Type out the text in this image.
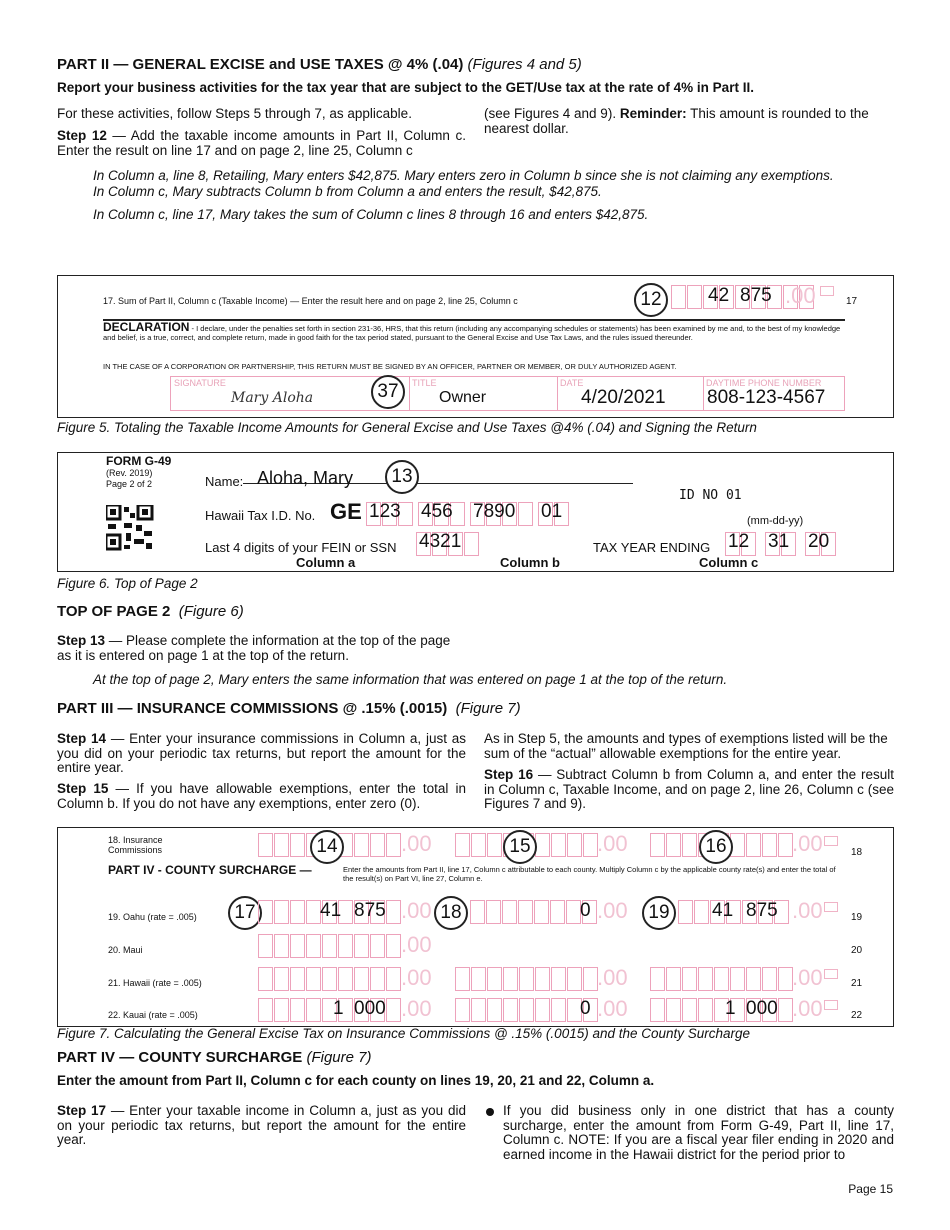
PART II — GENERAL EXCISE and USE TAXES @ 4% (.04) (Figures 4 and 5)
Report your business activities for the tax year that are subject to the GET/Use tax at the rate of 4% in Part II.
For these activities, follow Steps 5 through 7, as applicable.
Step 12 — Add the taxable income amounts in Part II, Column c. Enter the result on line 17 and on page 2, line 25, Column c
(see Figures 4 and 9). Reminder: This amount is rounded to the nearest dollar.
In Column a, line 8, Retailing, Mary enters $42,875. Mary enters zero in Column b since she is not claiming any exemptions.
In Column c, Mary subtracts Column b from Column a and enters the result, $42,875.
In Column c, line 17, Mary takes the sum of Column c lines 8 through 16 and enters $42,875.
17. Sum of Part II, Column c (Taxable Income) — Enter the result here and on page 2, line 25, Column c	12	42 875 .00	17
DECLARATION - I declare, under the penalties set forth in section 231-36, HRS, that this return (including any accompanying schedules or statements) has been examined by me and, to the best of my knowledge and belief, is a true, correct, and complete return, made in good faith for the tax period stated, pursuant to the General Excise and Use Tax Laws, and the rules issued thereunder.
IN THE CASE OF A CORPORATION OR PARTNERSHIP, THIS RETURN MUST BE SIGNED BY AN OFFICER, PARTNER OR MEMBER, OR DULY AUTHORIZED AGENT.
SIGNATURE
Mary Aloha	37	TITLE
Owner
DATE
4/20/2021
DAYTIME PHONE NUMBER
808-123-4567
Figure 5. Totaling the Taxable Income Amounts for General Excise and Use Taxes @4% (.04) and Signing the Return
FORM G-49
(Rev. 2019)
Page 2 of 2	Name: Aloha, Mary	13
ID NO 01
Hawaii Tax I.D. No. GE 123 456 7890 01	(mm-dd-yy)
Last 4 digits of your FEIN or SSN 4321	TAX YEAR ENDING 12 31 20
Column a	Column b	Column c
Figure 6. Top of Page 2
TOP OF PAGE 2 (Figure 6)
Step 13 — Please complete the information at the top of the page as it is entered on page 1 at the top of the return.
At the top of page 2, Mary enters the same information that was entered on page 1 at the top of the return.
PART III — INSURANCE COMMISSIONS @ .15% (.0015) (Figure 7)
Step 14 — Enter your insurance commissions in Column a, just as you did on your periodic tax returns, but report the amount for the entire year.
Step 15 — If you have allowable exemptions, enter the total in Column b. If you do not have any exemptions, enter zero (0).
As in Step 5, the amounts and types of exemptions listed will be the sum of the “actual” allowable exemptions for the entire year.
Step 16 — Subtract Column b from Column a, and enter the result in Column c, Taxable Income, and on page 2, line 26, Column c (see Figures 7 and 9).
18. Insurance Commissions	.00	.00	.00
14	15	16	18
PART IV - COUNTY SURCHARGE —	Enter the amounts from Part II, line 17, Column c attributable to each county. Multiply Column c by the applicable county rate(s) and enter the total of the result(s) on Part VI, line 27, Column e.
19. Oahu (rate = .005)	17	41 875 .00 18	0 .00	19	41 875 .00	19
20. Maui	.00	20
21. Hawaii (rate = .005)	.00	.00	.00	21
22. Kauai (rate = .005)	1 000 .00	0 .00	1 000 .00	22
Figure 7. Calculating the General Excise Tax on Insurance Commissions @ .15% (.0015) and the County Surcharge
PART IV — COUNTY SURCHARGE (Figure 7)
Enter the amount from Part II, Column c for each county on lines 19, 20, 21 and 22, Column a.
Step 17 — Enter your taxable income in Column a, just as you did on your periodic tax returns, but report the amount for the entire year.
If you did business only in one district that has a county surcharge, enter the amount from Form G-49, Part II, line 17, Column c. NOTE: If you are a fiscal year filer ending in 2020 and earned income in the Hawaii district for the period prior to
Page 15
